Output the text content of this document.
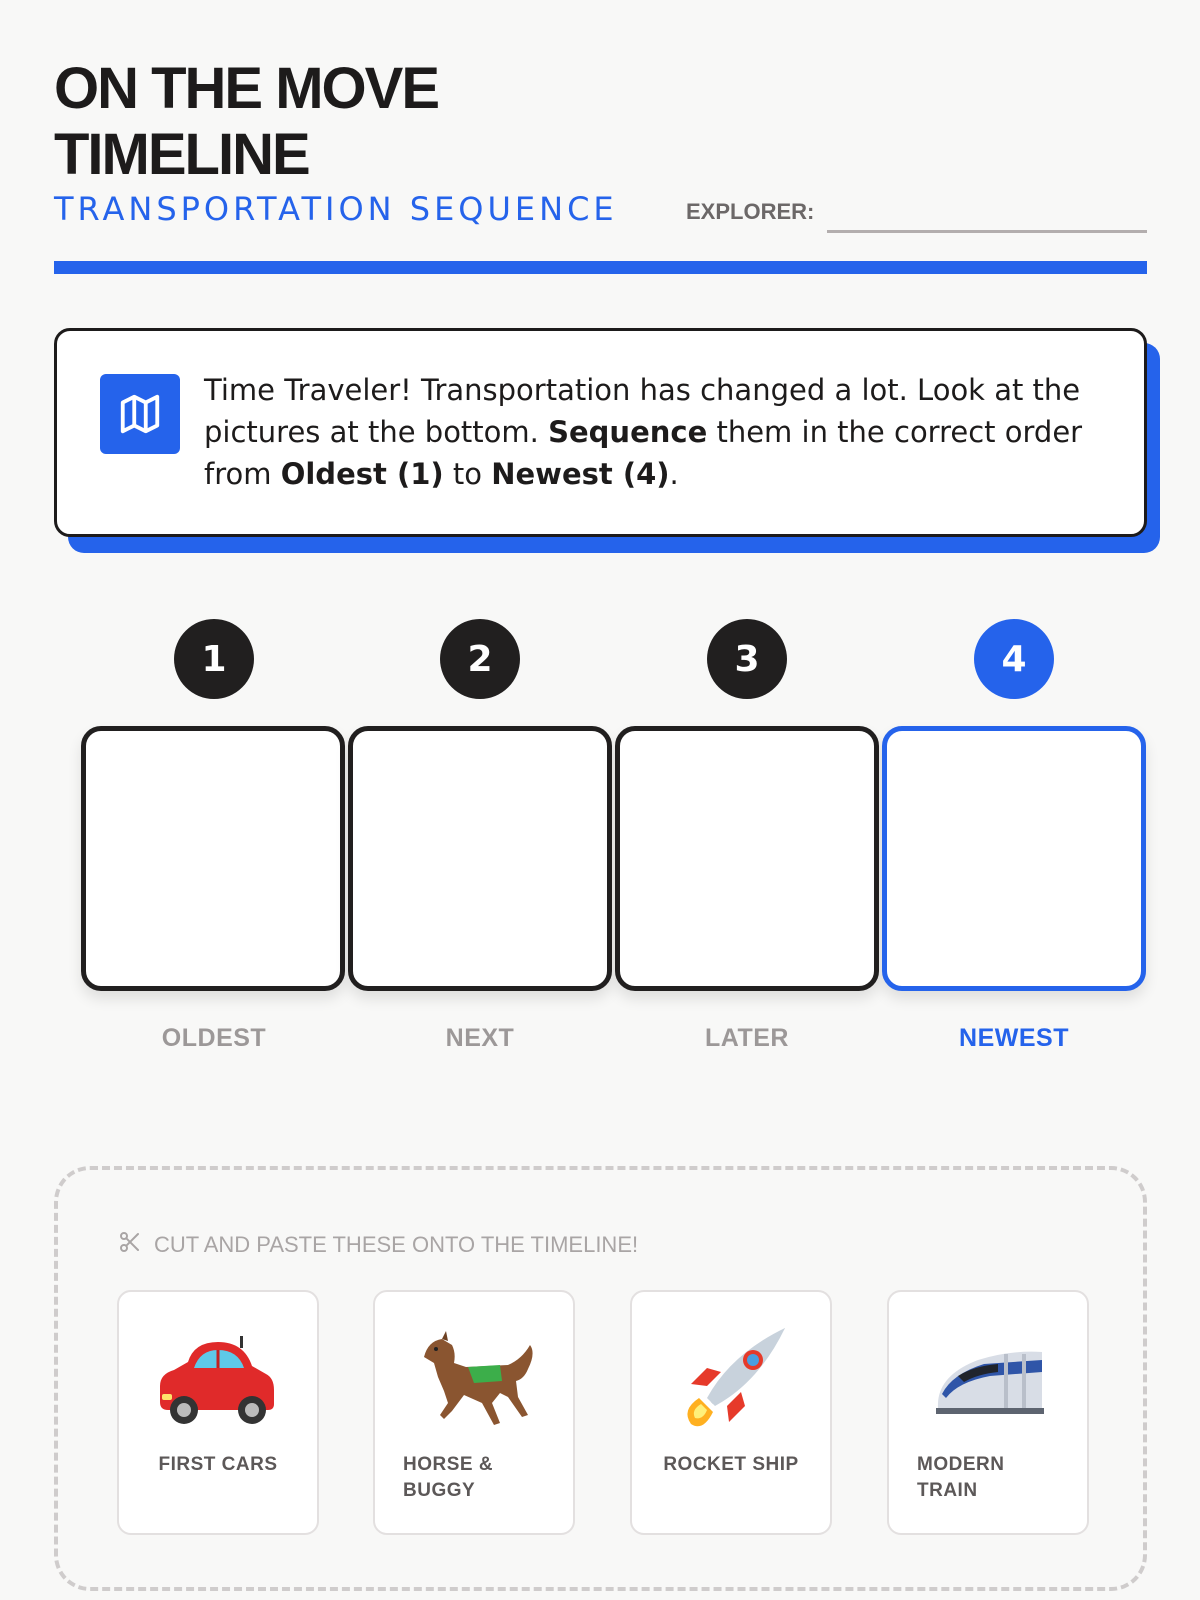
ON THE MOVE
TIMELINE
TRANSPORTATION SEQUENCE	EXPLORER:
Time Traveler! Transportation has changed a lot. Look at the pictures at the bottom. Sequence them in the correct order from Oldest (1) to Newest (4).
1	2	3	4
OLDEST	NEXT	LATER	NEWEST
CUT AND PASTE THESE ONTO THE TIMELINE!
FIRST CARS	HORSE & BUGGY
ROCKET SHIP	MODERN TRAIN
